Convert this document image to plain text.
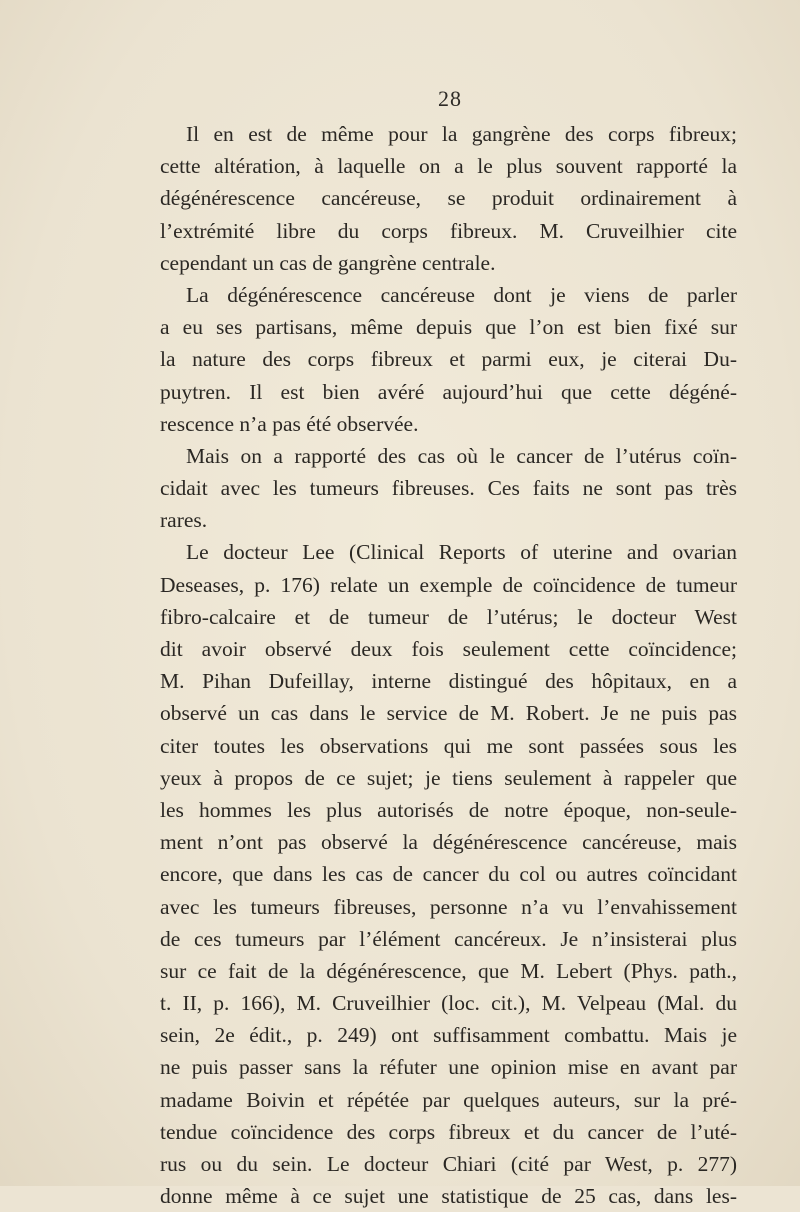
28
Il en est de même pour la gangrène des corps fibreux;
cette altération, à laquelle on a le plus souvent rapporté la
dégénérescence cancéreuse, se produit ordinairement à
l’extrémité libre du corps fibreux. M. Cruveilhier cite
cependant un cas de gangrène centrale.
La dégénérescence cancéreuse dont je viens de parler
a eu ses partisans, même depuis que l’on est bien fixé sur
la nature des corps fibreux et parmi eux, je citerai Du-
puytren. Il est bien avéré aujourd’hui que cette dégéné-
rescence n’a pas été observée.
Mais on a rapporté des cas où le cancer de l’utérus coïn-
cidait avec les tumeurs fibreuses. Ces faits ne sont pas très
rares.
Le docteur Lee (Clinical Reports of uterine and ovarian
Deseases, p. 176) relate un exemple de coïncidence de tumeur
fibro-calcaire et de tumeur de l’utérus; le docteur West
dit avoir observé deux fois seulement cette coïncidence;
M. Pihan Dufeillay, interne distingué des hôpitaux, en a
observé un cas dans le service de M. Robert. Je ne puis pas
citer toutes les observations qui me sont passées sous les
yeux à propos de ce sujet; je tiens seulement à rappeler que
les hommes les plus autorisés de notre époque, non-seule-
ment n’ont pas observé la dégénérescence cancéreuse, mais
encore, que dans les cas de cancer du col ou autres coïncidant
avec les tumeurs fibreuses, personne n’a vu l’envahissement
de ces tumeurs par l’élément cancéreux. Je n’insisterai plus
sur ce fait de la dégénérescence, que M. Lebert (Phys. path.,
t. II, p. 166), M. Cruveilhier (loc. cit.), M. Velpeau (Mal. du
sein, 2e édit., p. 249) ont suffisamment combattu. Mais je
ne puis passer sans la réfuter une opinion mise en avant par
madame Boivin et répétée par quelques auteurs, sur la pré-
tendue coïncidence des corps fibreux et du cancer de l’uté-
rus ou du sein. Le docteur Chiari (cité par West, p. 277)
donne même à ce sujet une statistique de 25 cas, dans les-
